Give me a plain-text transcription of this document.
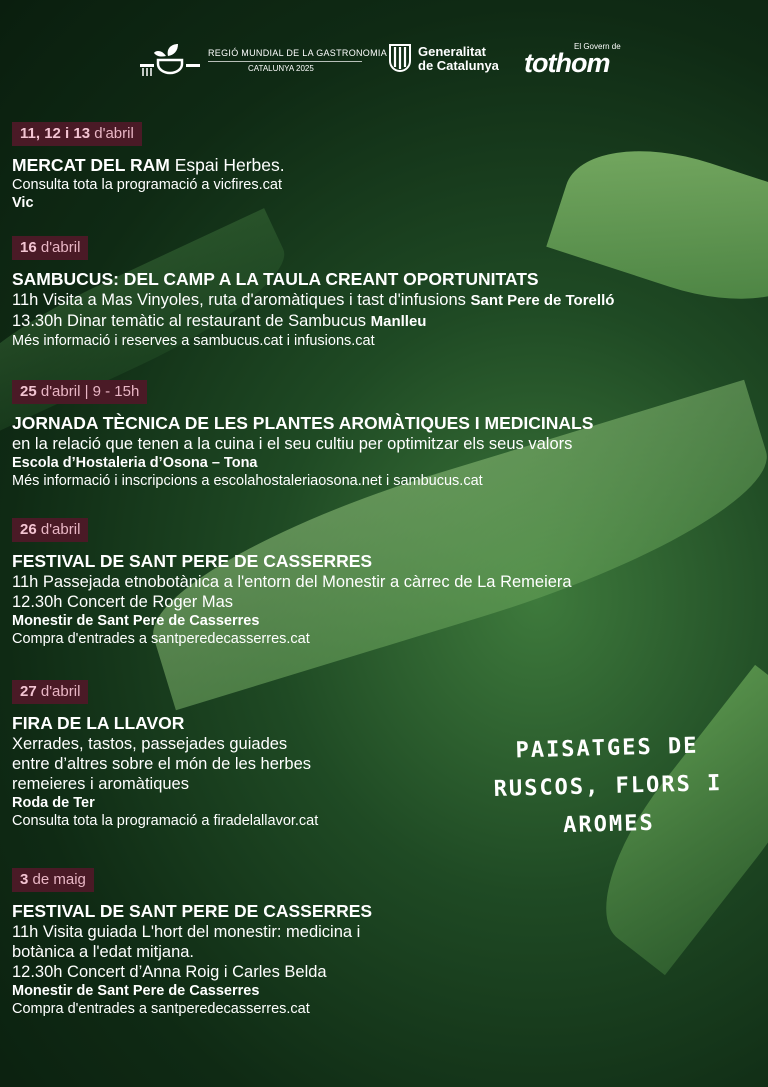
REGIÓ MUNDIAL DE LA GASTRONOMIA
CATALUNYA 2025
Generalitat
de Catalunya
El Govern de
tothom
11, 12 i 13 d'abril
MERCAT DEL RAM Espai Herbes.
Consulta tota la programació a vicfires.cat
Vic
16 d'abril
SAMBUCUS: DEL CAMP A LA TAULA CREANT OPORTUNITATS
11h Visita a Mas Vinyoles, ruta d'aromàtiques i tast d'infusions Sant Pere de Torelló
13.30h Dinar temàtic al restaurant de Sambucus Manlleu
Més informació i reserves a sambucus.cat i infusions.cat
25 d'abril | 9 - 15h
JORNADA TÈCNICA DE LES PLANTES AROMÀTIQUES I MEDICINALS
en la relació que tenen a la cuina i el seu cultiu per optimitzar els seus valors
Escola d’Hostaleria d’Osona – Tona
Més informació i inscripcions a escolahostaleriaosona.net i sambucus.cat
26 d'abril
FESTIVAL DE SANT PERE DE CASSERRES
11h Passejada etnobotànica a l'entorn del Monestir a càrrec de La Remeiera
12.30h Concert de Roger Mas
Monestir de Sant Pere de Casserres
Compra d'entrades a santperedecasserres.cat
27 d'abril
FIRA DE LA LLAVOR
Xerrades, tastos, passejades guiades
entre d’altres sobre el món de les herbes
remeieres i aromàtiques
Roda de Ter
Consulta tota la programació a firadelallavor.cat
3 de maig
FESTIVAL DE SANT PERE DE CASSERRES
11h Visita guiada L'hort del monestir: medicina i
botànica a l'edat mitjana.
12.30h Concert d’Anna Roig i Carles Belda
Monestir de Sant Pere de Casserres
Compra d'entrades a santperedecasserres.cat
PAISATGES DE
RUSCOS, FLORS I
AROMES
